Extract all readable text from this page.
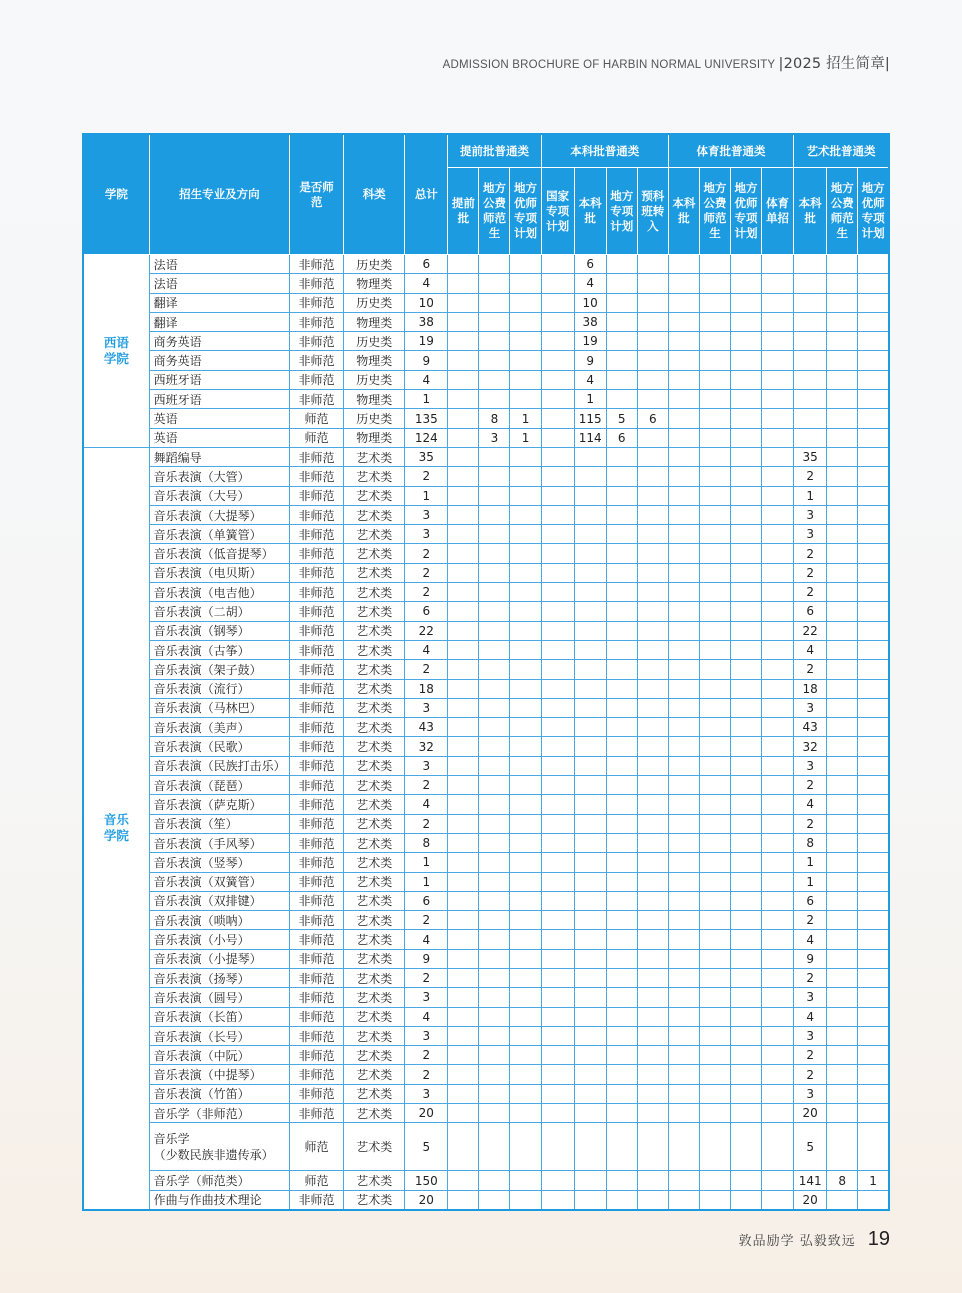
ADMISSION BROCHURE OF HARBIN NORMAL UNIVERSITY |2025 招生简章|
学院	招生专业及方向	是否师范	科类	总计	提前批普通类			本科批普通类				体育批普通类				艺术批普通类		
					提前批	地方公费师范生	地方优师专项计划	国家专项计划	本科批	地方专项计划	预科班转入	本科批	地方公费师范生	地方优师专项计划	体育单招	本科批	地方公费师范生	地方优师专项计划
西语学院	法语	非师范	历史类	6					6									
	法语	非师范	物理类	4					4									
	翻译	非师范	历史类	10					10									
	翻译	非师范	物理类	38					38									
	商务英语	非师范	历史类	19					19									
	商务英语	非师范	物理类	9					9									
	西班牙语	非师范	历史类	4					4									
	西班牙语	非师范	物理类	1					1									
	英语	师范	历史类	135		8	1		115	5	6							
	英语	师范	物理类	124		3	1		114	6								
音乐学院	舞蹈编导	非师范	艺术类	35												35		
	音乐表演（大管）	非师范	艺术类	2												2		
	音乐表演（大号）	非师范	艺术类	1												1		
	音乐表演（大提琴）	非师范	艺术类	3												3		
	音乐表演（单簧管）	非师范	艺术类	3												3		
	音乐表演（低音提琴）	非师范	艺术类	2												2		
	音乐表演（电贝斯）	非师范	艺术类	2												2		
	音乐表演（电吉他）	非师范	艺术类	2												2		
	音乐表演（二胡）	非师范	艺术类	6												6		
	音乐表演（钢琴）	非师范	艺术类	22												22		
	音乐表演（古筝）	非师范	艺术类	4												4		
	音乐表演（架子鼓）	非师范	艺术类	2												2		
	音乐表演（流行）	非师范	艺术类	18												18		
	音乐表演（马林巴）	非师范	艺术类	3												3		
	音乐表演（美声）	非师范	艺术类	43												43		
	音乐表演（民歌）	非师范	艺术类	32												32		
	音乐表演（民族打击乐）	非师范	艺术类	3												3		
	音乐表演（琵琶）	非师范	艺术类	2												2		
	音乐表演（萨克斯）	非师范	艺术类	4												4		
	音乐表演（笙）	非师范	艺术类	2												2		
	音乐表演（手风琴）	非师范	艺术类	8												8		
	音乐表演（竖琴）	非师范	艺术类	1												1		
	音乐表演（双簧管）	非师范	艺术类	1												1		
	音乐表演（双排键）	非师范	艺术类	6												6		
	音乐表演（唢呐）	非师范	艺术类	2												2		
	音乐表演（小号）	非师范	艺术类	4												4		
	音乐表演（小提琴）	非师范	艺术类	9												9		
	音乐表演（扬琴）	非师范	艺术类	2												2		
	音乐表演（圆号）	非师范	艺术类	3												3		
	音乐表演（长笛）	非师范	艺术类	4												4		
	音乐表演（长号）	非师范	艺术类	3												3		
	音乐表演（中阮）	非师范	艺术类	2												2		
	音乐表演（中提琴）	非师范	艺术类	2												2		
	音乐表演（竹笛）	非师范	艺术类	3												3		
	音乐学（非师范）	非师范	艺术类	20												20		
	音乐学
（少数民族非遗传承）	师范	艺术类	5												5		
	音乐学（师范类）	师范	艺术类	150												141	8	1
	作曲与作曲技术理论	非师范	艺术类	20												20		
敦品励学 弘毅致远 19
